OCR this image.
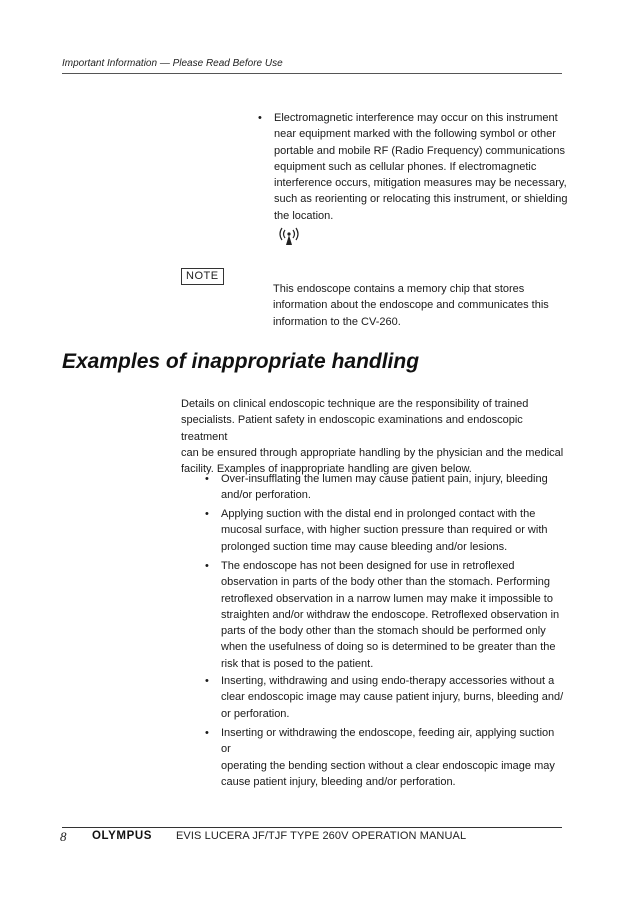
Important Information — Please Read Before Use
• Electromagnetic interference may occur on this instrument
near equipment marked with the following symbol or other
portable and mobile RF (Radio Frequency) communications
equipment such as cellular phones. If electromagnetic
interference occurs, mitigation measures may be necessary,
such as reorienting or relocating this instrument, or shielding
the location.
NOTE
This endoscope contains a memory chip that stores
information about the endoscope and communicates this
information to the CV-260.
Examples of inappropriate handling
Details on clinical endoscopic technique are the responsibility of trained
specialists. Patient safety in endoscopic examinations and endoscopic treatment
can be ensured through appropriate handling by the physician and the medical
facility. Examples of inappropriate handling are given below.
• Over-insufflating the lumen may cause patient pain, injury, bleeding
and/or perforation.
• Applying suction with the distal end in prolonged contact with the
mucosal surface, with higher suction pressure than required or with
prolonged suction time may cause bleeding and/or lesions.
• The endoscope has not been designed for use in retroflexed
observation in parts of the body other than the stomach. Performing
retroflexed observation in a narrow lumen may make it impossible to
straighten and/or withdraw the endoscope. Retroflexed observation in
parts of the body other than the stomach should be performed only
when the usefulness of doing so is determined to be greater than the
risk that is posed to the patient.
• Inserting, withdrawing and using endo-therapy accessories without a
clear endoscopic image may cause patient injury, burns, bleeding and/
or perforation.
• Inserting or withdrawing the endoscope, feeding air, applying suction or
operating the bending section without a clear endoscopic image may
cause patient injury, bleeding and/or perforation.
8 OLYMPUS EVIS LUCERA JF/TJF TYPE 260V OPERATION MANUAL
